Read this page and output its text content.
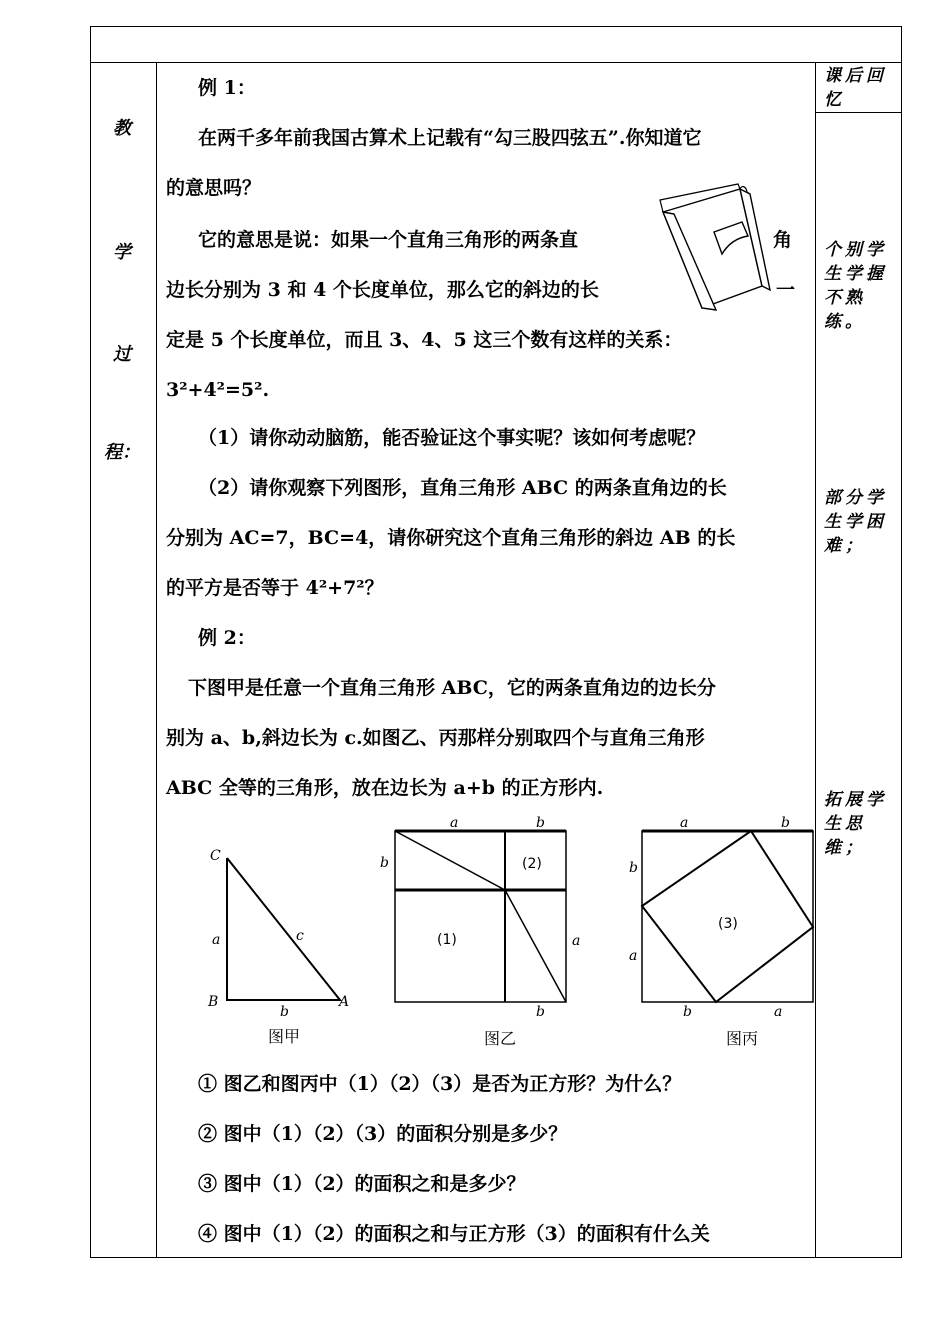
教
学
过
程：
课后回忆
个别学生学握不熟练。
部分学生学困难；
拓展学生思维；
例 1：
在两千多年前我国古算术上记载有“勾三股四弦五”.你知道它
的意思吗？
它的意思是说：如果一个直角三角形的两条直	角
边长分别为 3 和 4 个长度单位，那么它的斜边的长	一
定是 5 个长度单位，而且 3、4、5 这三个数有这样的关系：
3²+4²=5².
（1）请你动动脑筋，能否验证这个事实呢？该如何考虑呢？
（2）请你观察下列图形，直角三角形 ABC 的两条直角边的长
分别为 AC=7，BC=4，请你研究这个直角三角形的斜边 AB 的长
的平方是否等于 4²+7²？
例 2：
下图甲是任意一个直角三角形 ABC，它的两条直角边的边长分
别为 a、b,斜边长为 c.如图乙、丙那样分别取四个与直角三角形
ABC 全等的三角形，放在边长为 a+b 的正方形内.
C
B	A
a
b
c
图甲
a	b
b
a
b
(1)
(2)
图乙
a	b
b
a
b	a
(3)
图丙
① 图乙和图丙中（1）（2）（3）是否为正方形？为什么？
② 图中（1）（2）（3）的面积分别是多少？
③ 图中（1）（2）的面积之和是多少？
④ 图中（1）（2）的面积之和与正方形（3）的面积有什么关
